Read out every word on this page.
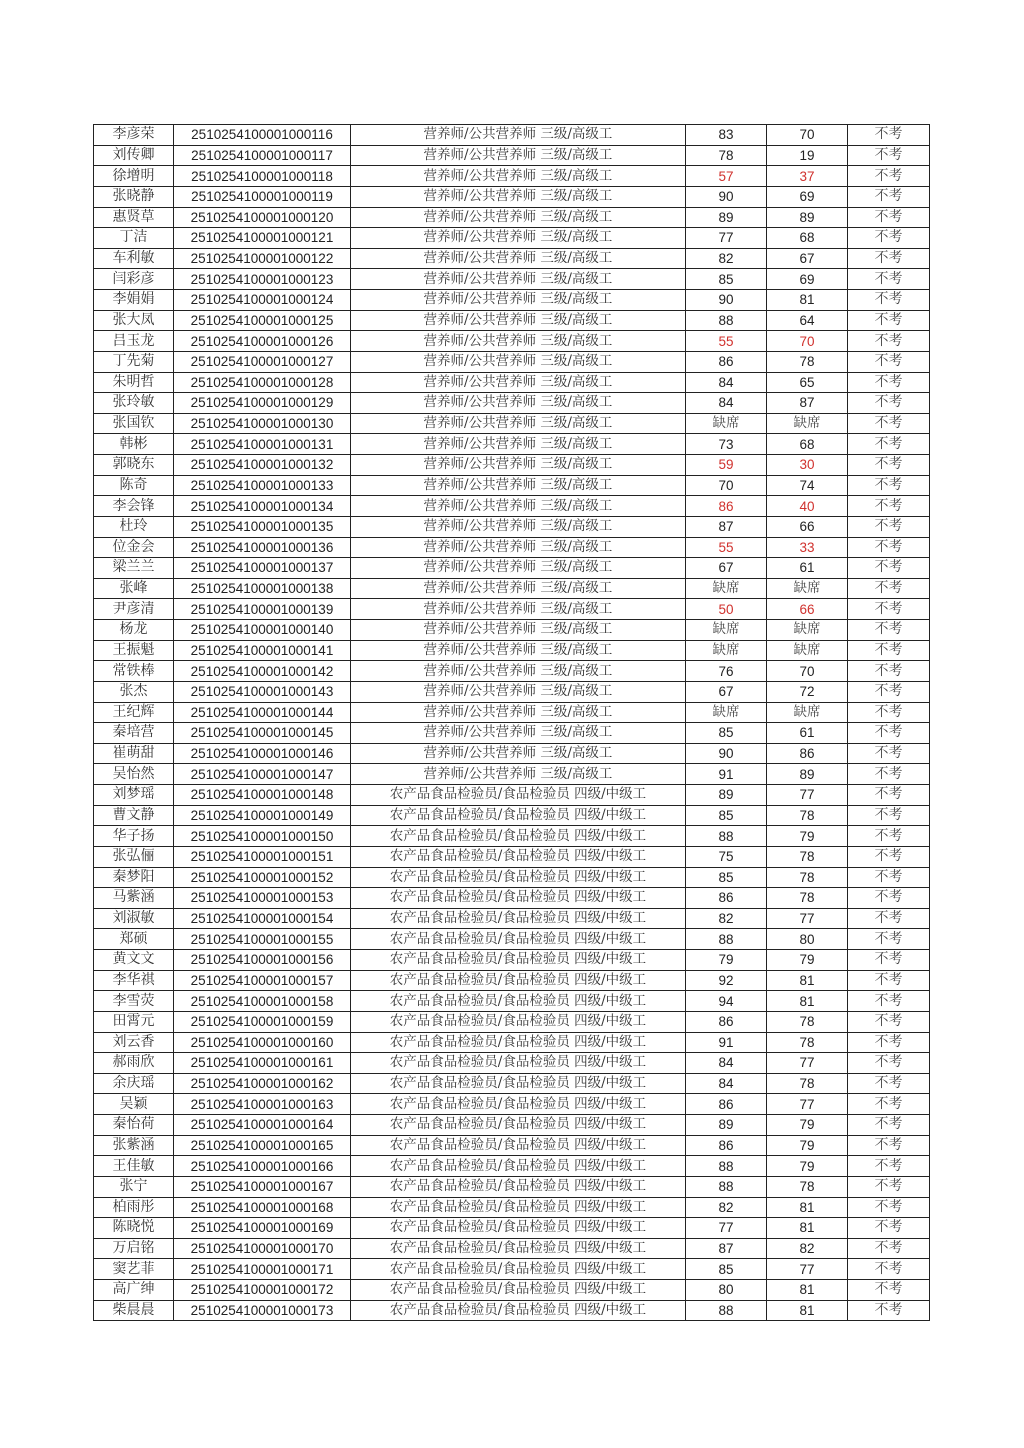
李彦荣	2510254100001000116	营养师/公共营养师 三级/高级工	83	70	不考
刘传卿	2510254100001000117	营养师/公共营养师 三级/高级工	78	19	不考
徐增明	2510254100001000118	营养师/公共营养师 三级/高级工	57	37	不考
张晓静	2510254100001000119	营养师/公共营养师 三级/高级工	90	69	不考
惠贤草	2510254100001000120	营养师/公共营养师 三级/高级工	89	89	不考
丁洁	2510254100001000121	营养师/公共营养师 三级/高级工	77	68	不考
车利敏	2510254100001000122	营养师/公共营养师 三级/高级工	82	67	不考
闫彩彦	2510254100001000123	营养师/公共营养师 三级/高级工	85	69	不考
李娟娟	2510254100001000124	营养师/公共营养师 三级/高级工	90	81	不考
张大凤	2510254100001000125	营养师/公共营养师 三级/高级工	88	64	不考
吕玉龙	2510254100001000126	营养师/公共营养师 三级/高级工	55	70	不考
丁先菊	2510254100001000127	营养师/公共营养师 三级/高级工	86	78	不考
朱明哲	2510254100001000128	营养师/公共营养师 三级/高级工	84	65	不考
张玲敏	2510254100001000129	营养师/公共营养师 三级/高级工	84	87	不考
张国钦	2510254100001000130	营养师/公共营养师 三级/高级工	缺席	缺席	不考
韩彬	2510254100001000131	营养师/公共营养师 三级/高级工	73	68	不考
郭晓东	2510254100001000132	营养师/公共营养师 三级/高级工	59	30	不考
陈奇	2510254100001000133	营养师/公共营养师 三级/高级工	70	74	不考
李会锋	2510254100001000134	营养师/公共营养师 三级/高级工	86	40	不考
杜玲	2510254100001000135	营养师/公共营养师 三级/高级工	87	66	不考
位金会	2510254100001000136	营养师/公共营养师 三级/高级工	55	33	不考
梁兰兰	2510254100001000137	营养师/公共营养师 三级/高级工	67	61	不考
张峰	2510254100001000138	营养师/公共营养师 三级/高级工	缺席	缺席	不考
尹彦清	2510254100001000139	营养师/公共营养师 三级/高级工	50	66	不考
杨龙	2510254100001000140	营养师/公共营养师 三级/高级工	缺席	缺席	不考
王振魁	2510254100001000141	营养师/公共营养师 三级/高级工	缺席	缺席	不考
常铁棒	2510254100001000142	营养师/公共营养师 三级/高级工	76	70	不考
张杰	2510254100001000143	营养师/公共营养师 三级/高级工	67	72	不考
王纪辉	2510254100001000144	营养师/公共营养师 三级/高级工	缺席	缺席	不考
秦培营	2510254100001000145	营养师/公共营养师 三级/高级工	85	61	不考
崔萌甜	2510254100001000146	营养师/公共营养师 三级/高级工	90	86	不考
吴怡然	2510254100001000147	营养师/公共营养师 三级/高级工	91	89	不考
刘梦瑶	2510254100001000148	农产品食品检验员/食品检验员 四级/中级工	89	77	不考
曹文静	2510254100001000149	农产品食品检验员/食品检验员 四级/中级工	85	78	不考
华子扬	2510254100001000150	农产品食品检验员/食品检验员 四级/中级工	88	79	不考
张弘俪	2510254100001000151	农产品食品检验员/食品检验员 四级/中级工	75	78	不考
秦梦阳	2510254100001000152	农产品食品检验员/食品检验员 四级/中级工	85	78	不考
马紫涵	2510254100001000153	农产品食品检验员/食品检验员 四级/中级工	86	78	不考
刘淑敏	2510254100001000154	农产品食品检验员/食品检验员 四级/中级工	82	77	不考
郑硕	2510254100001000155	农产品食品检验员/食品检验员 四级/中级工	88	80	不考
黄文文	2510254100001000156	农产品食品检验员/食品检验员 四级/中级工	79	79	不考
李华祺	2510254100001000157	农产品食品检验员/食品检验员 四级/中级工	92	81	不考
李雪荧	2510254100001000158	农产品食品检验员/食品检验员 四级/中级工	94	81	不考
田霄元	2510254100001000159	农产品食品检验员/食品检验员 四级/中级工	86	78	不考
刘云香	2510254100001000160	农产品食品检验员/食品检验员 四级/中级工	91	78	不考
郝雨欣	2510254100001000161	农产品食品检验员/食品检验员 四级/中级工	84	77	不考
余庆瑶	2510254100001000162	农产品食品检验员/食品检验员 四级/中级工	84	78	不考
吴颖	2510254100001000163	农产品食品检验员/食品检验员 四级/中级工	86	77	不考
秦怡荷	2510254100001000164	农产品食品检验员/食品检验员 四级/中级工	89	79	不考
张紫涵	2510254100001000165	农产品食品检验员/食品检验员 四级/中级工	86	79	不考
王佳敏	2510254100001000166	农产品食品检验员/食品检验员 四级/中级工	88	79	不考
张宁	2510254100001000167	农产品食品检验员/食品检验员 四级/中级工	88	78	不考
柏雨彤	2510254100001000168	农产品食品检验员/食品检验员 四级/中级工	82	81	不考
陈晓悦	2510254100001000169	农产品食品检验员/食品检验员 四级/中级工	77	81	不考
万启铭	2510254100001000170	农产品食品检验员/食品检验员 四级/中级工	87	82	不考
窦艺菲	2510254100001000171	农产品食品检验员/食品检验员 四级/中级工	85	77	不考
高广绅	2510254100001000172	农产品食品检验员/食品检验员 四级/中级工	80	81	不考
柴晨晨	2510254100001000173	农产品食品检验员/食品检验员 四级/中级工	88	81	不考
